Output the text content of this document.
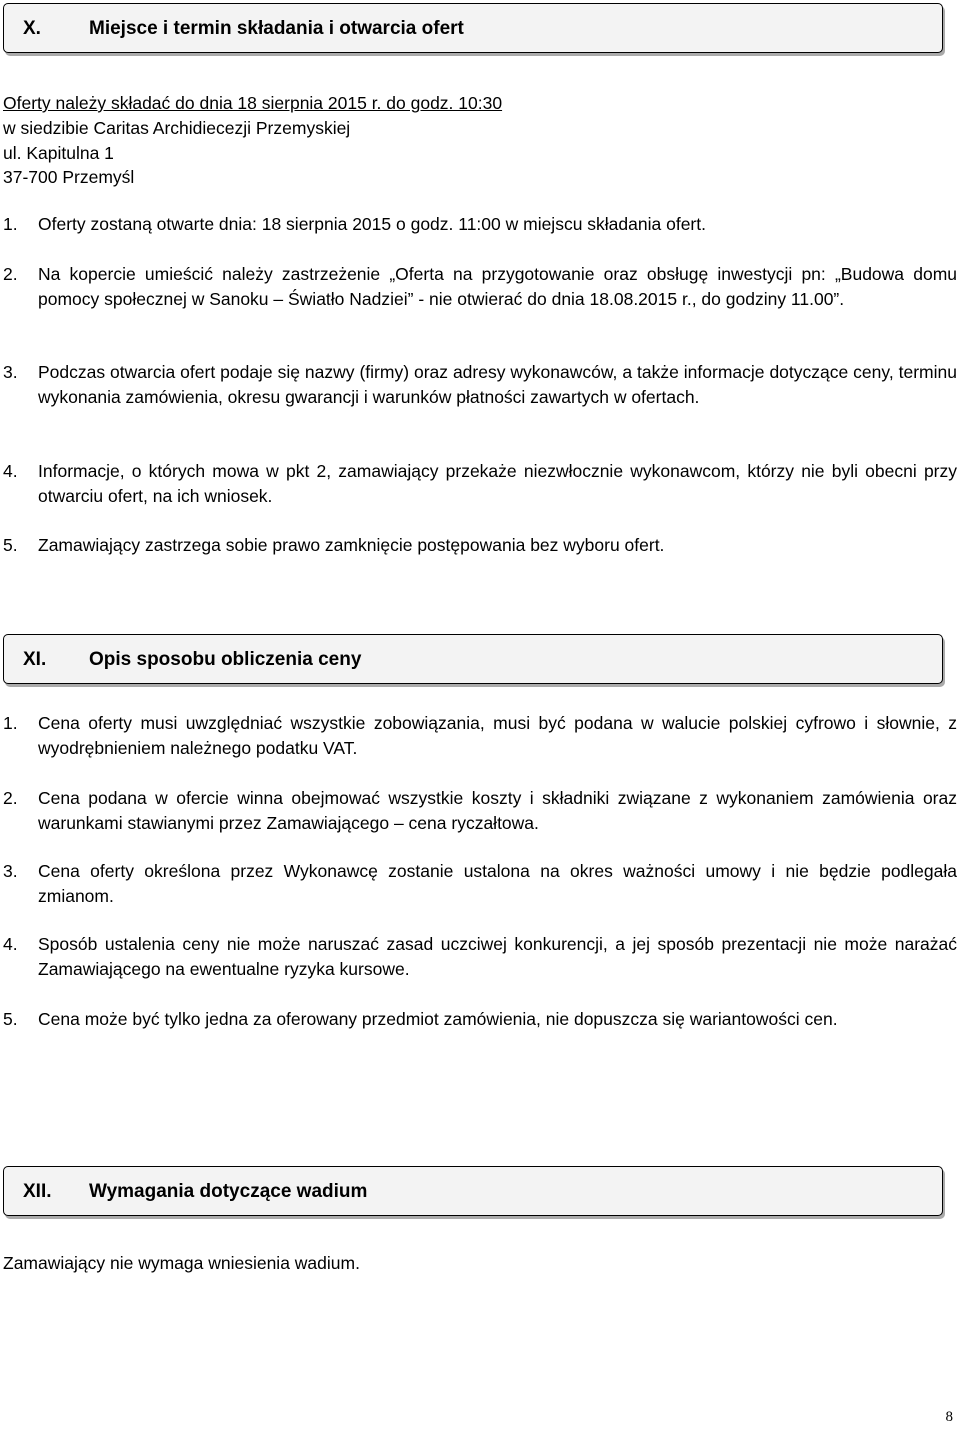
X.	Miejsce i termin składania i otwarcia ofert
Oferty należy składać do dnia 18 sierpnia 2015 r. do godz. 10:30
w siedzibie Caritas Archidiecezji Przemyskiej
ul. Kapitulna 1
37-700 Przemyśl
1. Oferty zostaną otwarte dnia: 18 sierpnia 2015 o godz. 11:00 w miejscu składania ofert.
2. Na kopercie umieścić należy zastrzeżenie „Oferta na przygotowanie oraz obsługę inwestycji pn: „Budowa domu pomocy społecznej w Sanoku – Światło Nadziei” - nie otwierać do dnia 18.08.2015 r., do godziny 11.00”.
3. Podczas otwarcia ofert podaje się nazwy (firmy) oraz adresy wykonawców, a także informacje dotyczące ceny, terminu wykonania zamówienia, okresu gwarancji i warunków płatności zawartych w ofertach.
4. Informacje, o których mowa w pkt 2, zamawiający przekaże niezwłocznie wykonawcom, którzy nie byli obecni przy otwarciu ofert, na ich wniosek.
5. Zamawiający zastrzega sobie prawo zamknięcie postępowania bez wyboru ofert.
XI. Opis sposobu obliczenia ceny
1. Cena oferty musi uwzględniać wszystkie zobowiązania, musi być podana w walucie polskiej cyfrowo i słownie, z wyodrębnieniem należnego podatku VAT.
2. Cena podana w ofercie winna obejmować wszystkie koszty i składniki związane z wykonaniem zamówienia oraz warunkami stawianymi przez Zamawiającego – cena ryczałtowa.
3. Cena oferty określona przez Wykonawcę zostanie ustalona na okres ważności umowy i nie będzie podlegała zmianom.
4. Sposób ustalenia ceny nie może naruszać zasad uczciwej konkurencji, a jej sposób prezentacji nie może narażać Zamawiającego na ewentualne ryzyka kursowe.
5. Cena może być tylko jedna za oferowany przedmiot zamówienia, nie dopuszcza się wariantowości cen.
XII. Wymagania dotyczące wadium
Zamawiający nie wymaga wniesienia wadium.
8
